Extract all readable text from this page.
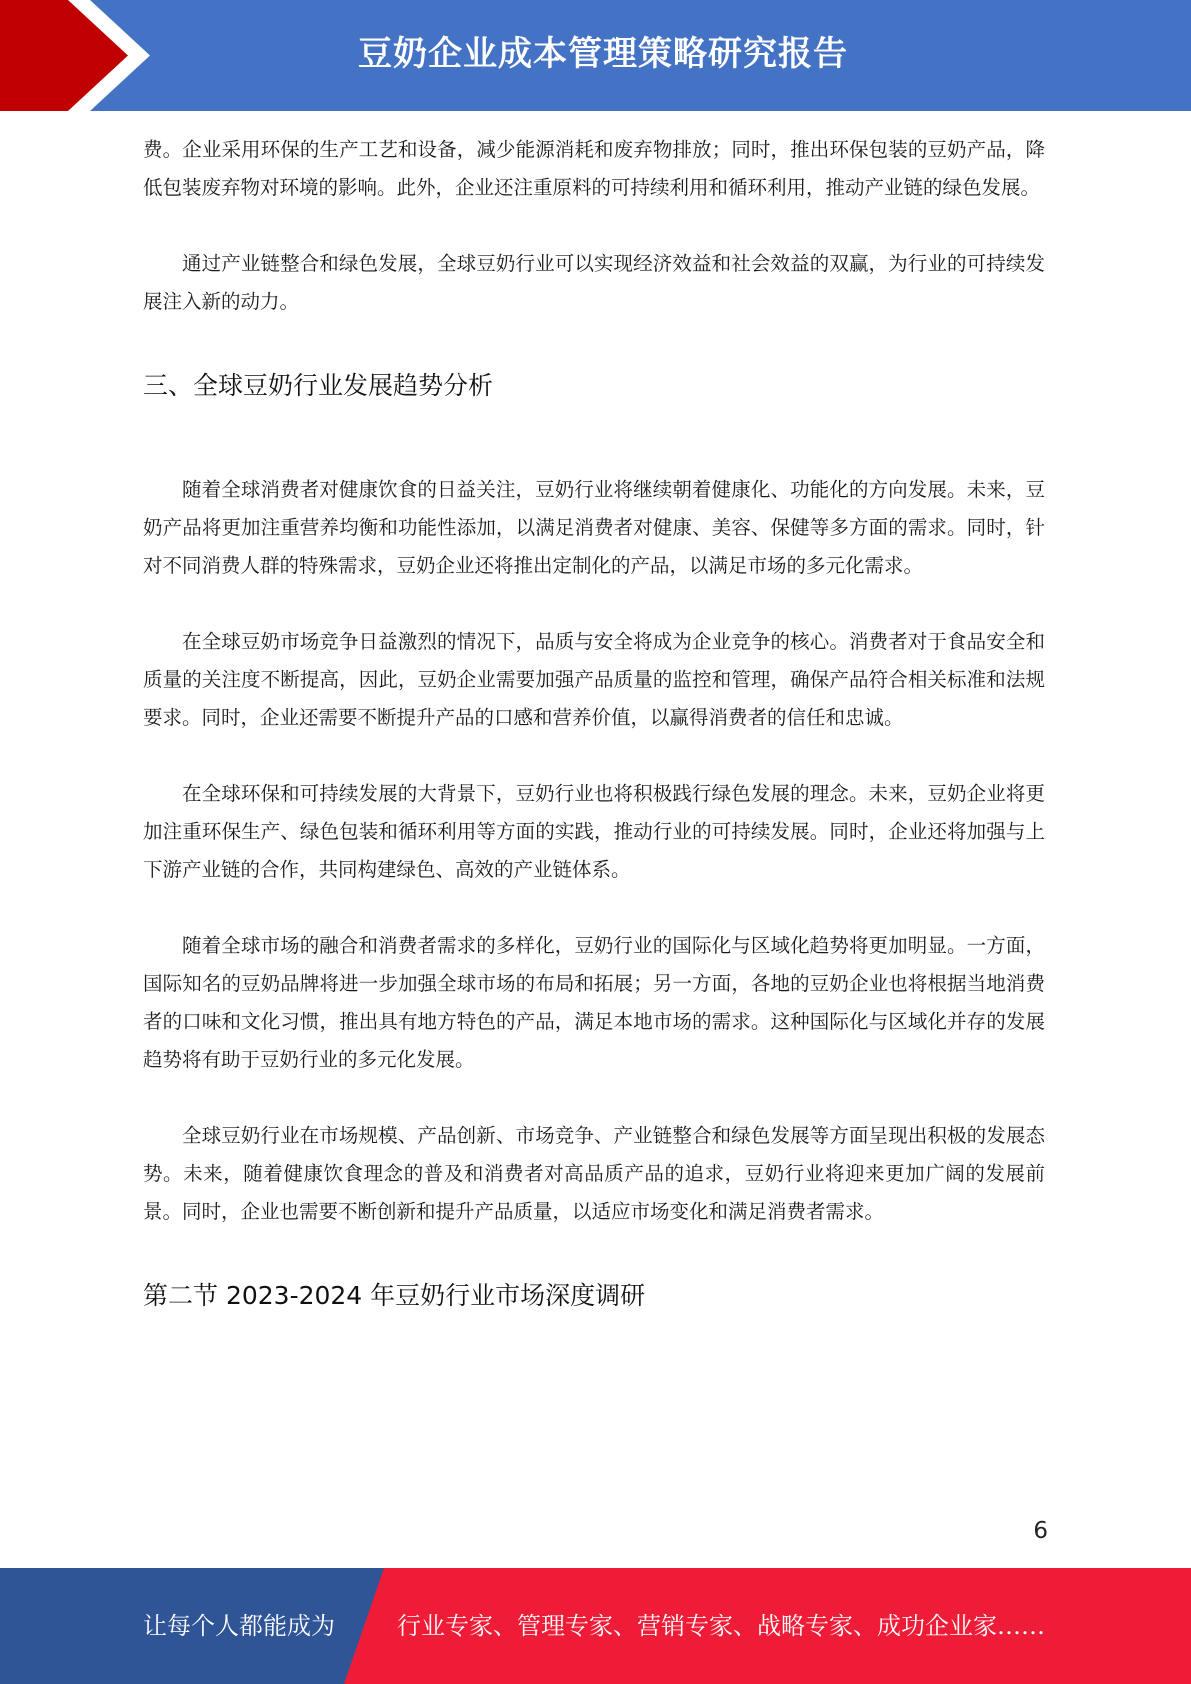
豆奶企业成本管理策略研究报告

费。企业采用环保的生产工艺和设备，减少能源消耗和废弃物排放；同时，推出环保包装的豆奶产品，降低包装废弃物对环境的影响。此外，企业还注重原料的可持续利用和循环利用，推动产业链的绿色发展。

通过产业链整合和绿色发展，全球豆奶行业可以实现经济效益和社会效益的双赢，为行业的可持续发展注入新的动力。

三、全球豆奶行业发展趋势分析

随着全球消费者对健康饮食的日益关注，豆奶行业将继续朝着健康化、功能化的方向发展。未来，豆奶产品将更加注重营养均衡和功能性添加，以满足消费者对健康、美容、保健等多方面的需求。同时，针对不同消费人群的特殊需求，豆奶企业还将推出定制化的产品，以满足市场的多元化需求。

在全球豆奶市场竞争日益激烈的情况下，品质与安全将成为企业竞争的核心。消费者对于食品安全和质量的关注度不断提高，因此，豆奶企业需要加强产品质量的监控和管理，确保产品符合相关标准和法规要求。同时，企业还需要不断提升产品的口感和营养价值，以赢得消费者的信任和忠诚。

在全球环保和可持续发展的大背景下，豆奶行业也将积极践行绿色发展的理念。未来，豆奶企业将更加注重环保生产、绿色包装和循环利用等方面的实践，推动行业的可持续发展。同时，企业还将加强与上下游产业链的合作，共同构建绿色、高效的产业链体系。

随着全球市场的融合和消费者需求的多样化，豆奶行业的国际化与区域化趋势将更加明显。一方面，国际知名的豆奶品牌将进一步加强全球市场的布局和拓展；另一方面，各地的豆奶企业也将根据当地消费者的口味和文化习惯，推出具有地方特色的产品，满足本地市场的需求。这种国际化与区域化并存的发展趋势将有助于豆奶行业的多元化发展。

全球豆奶行业在市场规模、产品创新、市场竞争、产业链整合和绿色发展等方面呈现出积极的发展态势。未来，随着健康饮食理念的普及和消费者对高品质产品的追求，豆奶行业将迎来更加广阔的发展前景。同时，企业也需要不断创新和提升产品质量，以适应市场变化和满足消费者需求。

第二节 2023-2024 年豆奶行业市场深度调研
6
让每个人都能成为	行业专家、管理专家、营销专家、战略专家、成功企业家……
